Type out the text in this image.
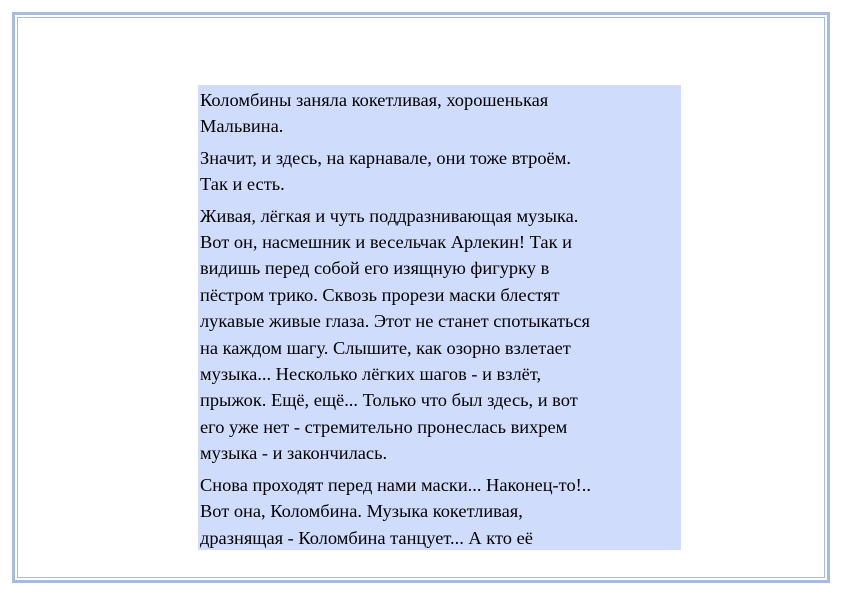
Коломбины заняла кокетливая, хорошенькая
Мальвина.

Значит, и здесь, на карнавале, они тоже втроём.
Так и есть.

Живая, лёгкая и чуть поддразнивающая музыка.
Вот он, насмешник и весельчак Арлекин! Так и
видишь перед собой его изящную фигурку в
пёстром трико. Сквозь прорези маски блестят
лукавые живые глаза. Этот не станет спотыкаться
на каждом шагу. Слышите, как озорно взлетает
музыка... Несколько лёгких шагов - и взлёт,
прыжок. Ещё, ещё... Только что был здесь, и вот
его уже нет - стремительно пронеслась вихрем
музыка - и закончилась.

Снова проходят перед нами маски... Наконец-то!..
Вот она, Коломбина. Музыка кокетливая,
дразнящая - Коломбина танцует... А кто её
